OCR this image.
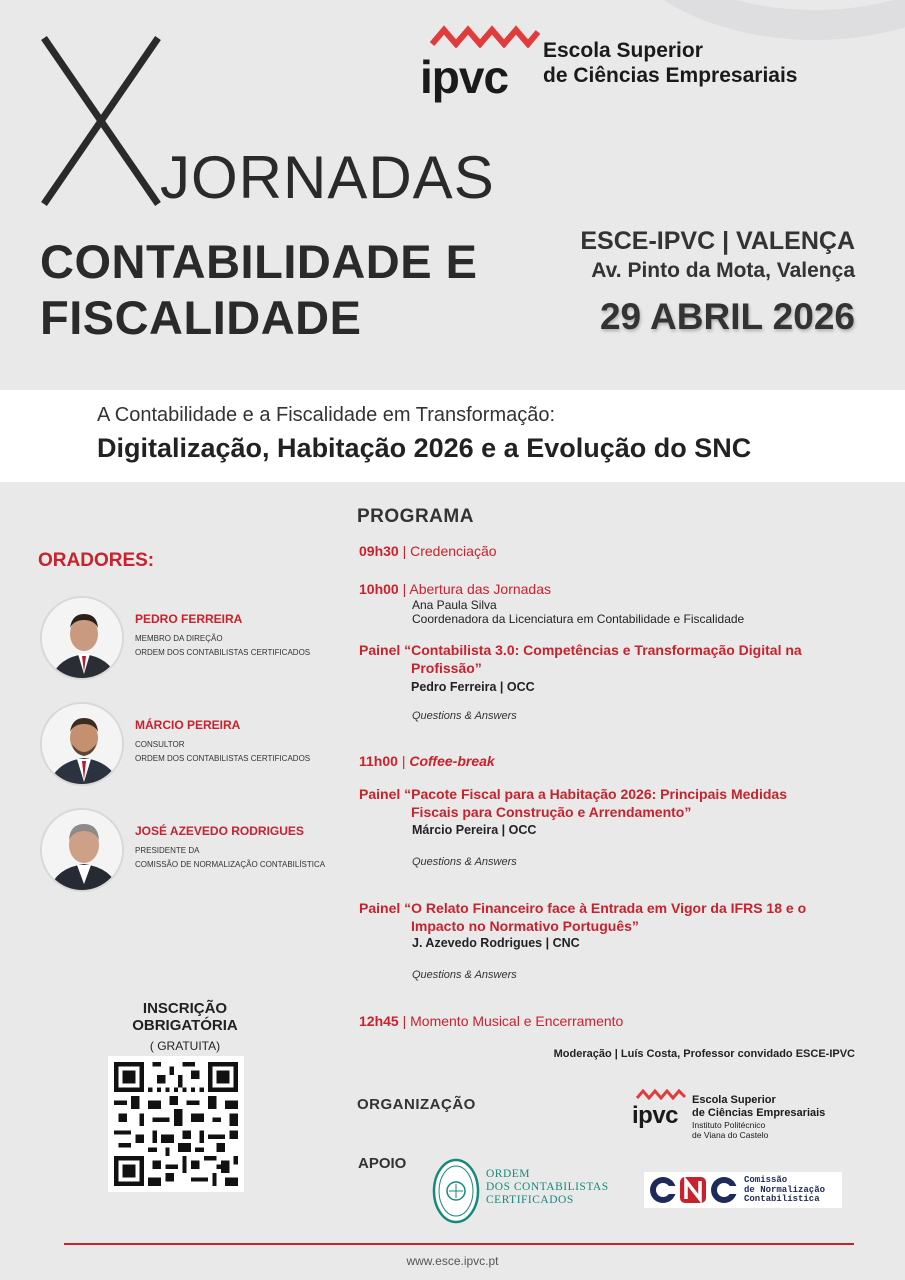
JORNADAS
CONTABILIDADE E
FISCALIDADE
ipvc
Escola Superior
de Ciências Empresariais
ESCE-IPVC | VALENÇA
Av. Pinto da Mota, Valença
29 ABRIL 2026
A Contabilidade e a Fiscalidade em Transformação:
Digitalização, Habitação 2026 e a Evolução do SNC
PROGRAMA
ORADORES:
PEDRO FERREIRA
MEMBRO DA DIREÇÃO
ORDEM DOS CONTABILISTAS CERTIFICADOS
MÁRCIO PEREIRA
CONSULTOR
ORDEM DOS CONTABILISTAS CERTIFICADOS
JOSÉ AZEVEDO RODRIGUES
PRESIDENTE DA
COMISSÃO DE NORMALIZAÇÃO CONTABILÍSTICA
09h30 | Credenciação
10h00 | Abertura das Jornadas
Ana Paula Silva
Coordenadora da Licenciatura em Contabilidade e Fiscalidade
Painel “Contabilista 3.0: Competências e Transformação Digital na
Profissão”
Pedro Ferreira | OCC
Questions & Answers
11h00 | Coffee-break
Painel “Pacote Fiscal para a Habitação 2026: Principais Medidas
Fiscais para Construção e Arrendamento”
Márcio Pereira | OCC
Questions & Answers
Painel “O Relato Financeiro face à Entrada em Vigor da IFRS 18 e o
Impacto no Normativo Português”
J. Azevedo Rodrigues | CNC
Questions & Answers
12h45 | Momento Musical e Encerramento
Moderação | Luís Costa, Professor convidado ESCE-IPVC
INSCRIÇÃO OBRIGATÓRIA
( GRATUITA)
ORGANIZAÇÃO
APOIO
ipvc
Escola Superior
de Ciências Empresariais
Instituto Politécnico
de Viana do Castelo
ORDEM
DOS CONTABILISTAS
CERTIFICADOS
Comissão
de Normalização
Contabilística
www.esce.ipvc.pt
